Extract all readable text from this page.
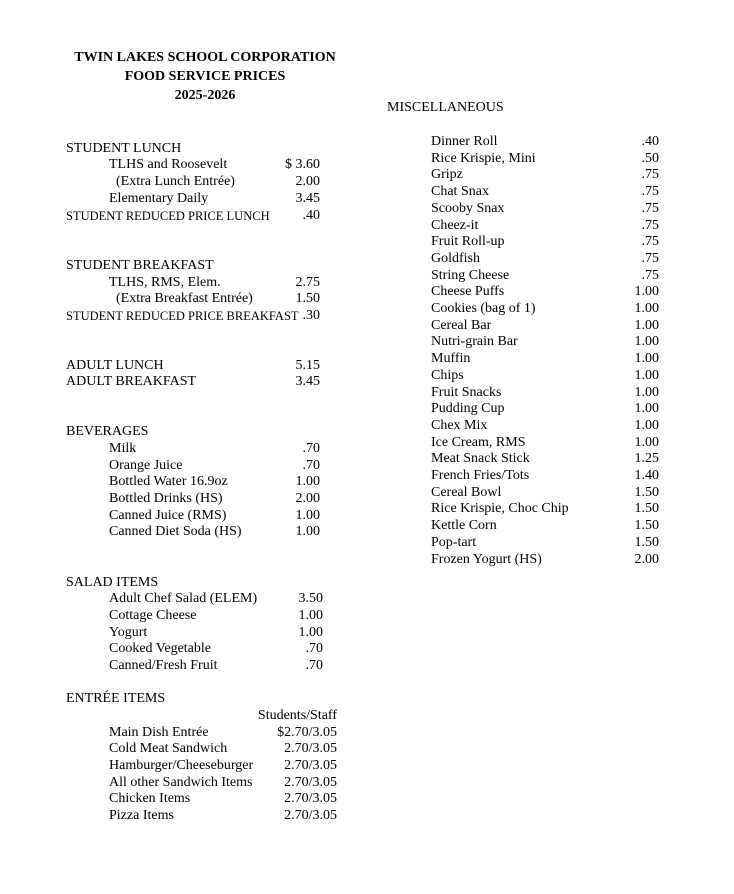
TWIN LAKES SCHOOL CORPORATION
FOOD SERVICE PRICES
2025-2026
STUDENT LUNCH
TLHS and Roosevelt	$ 3.60
(Extra Lunch Entrée)	2.00
Elementary Daily	3.45
STUDENT REDUCED PRICE LUNCH	.40
STUDENT BREAKFAST
TLHS, RMS, Elem.	2.75
(Extra Breakfast Entrée)	1.50
STUDENT REDUCED PRICE BREAKFAST .30
ADULT LUNCH	5.15
ADULT BREAKFAST	3.45
BEVERAGES
Milk	.70
Orange Juice	.70
Bottled Water 16.9oz	1.00
Bottled Drinks (HS)	2.00
Canned Juice (RMS)	1.00
Canned Diet Soda (HS)	1.00
SALAD ITEMS
Adult Chef Salad (ELEM)	3.50
Cottage Cheese	1.00
Yogurt	1.00
Cooked Vegetable	.70
Canned/Fresh Fruit	.70
ENTRÉE ITEMS
Students/Staff
Main Dish Entrée	$2.70/3.05
Cold Meat Sandwich	2.70/3.05
Hamburger/Cheeseburger	2.70/3.05
All other Sandwich Items	2.70/3.05
Chicken Items	2.70/3.05
Pizza Items	2.70/3.05
MISCELLANEOUS
Dinner Roll	.40
Rice Krispie, Mini	.50
Gripz	.75
Chat Snax	.75
Scooby Snax	.75
Cheez-it	.75
Fruit Roll-up	.75
Goldfish	.75
String Cheese	.75
Cheese Puffs	1.00
Cookies (bag of 1)	1.00
Cereal Bar	1.00
Nutri-grain Bar	1.00
Muffin	1.00
Chips	1.00
Fruit Snacks	1.00
Pudding Cup	1.00
Chex Mix	1.00
Ice Cream, RMS	1.00
Meat Snack Stick	1.25
French Fries/Tots	1.40
Cereal Bowl	1.50
Rice Krispie, Choc Chip	1.50
Kettle Corn	1.50
Pop-tart	1.50
Frozen Yogurt (HS)	2.00
